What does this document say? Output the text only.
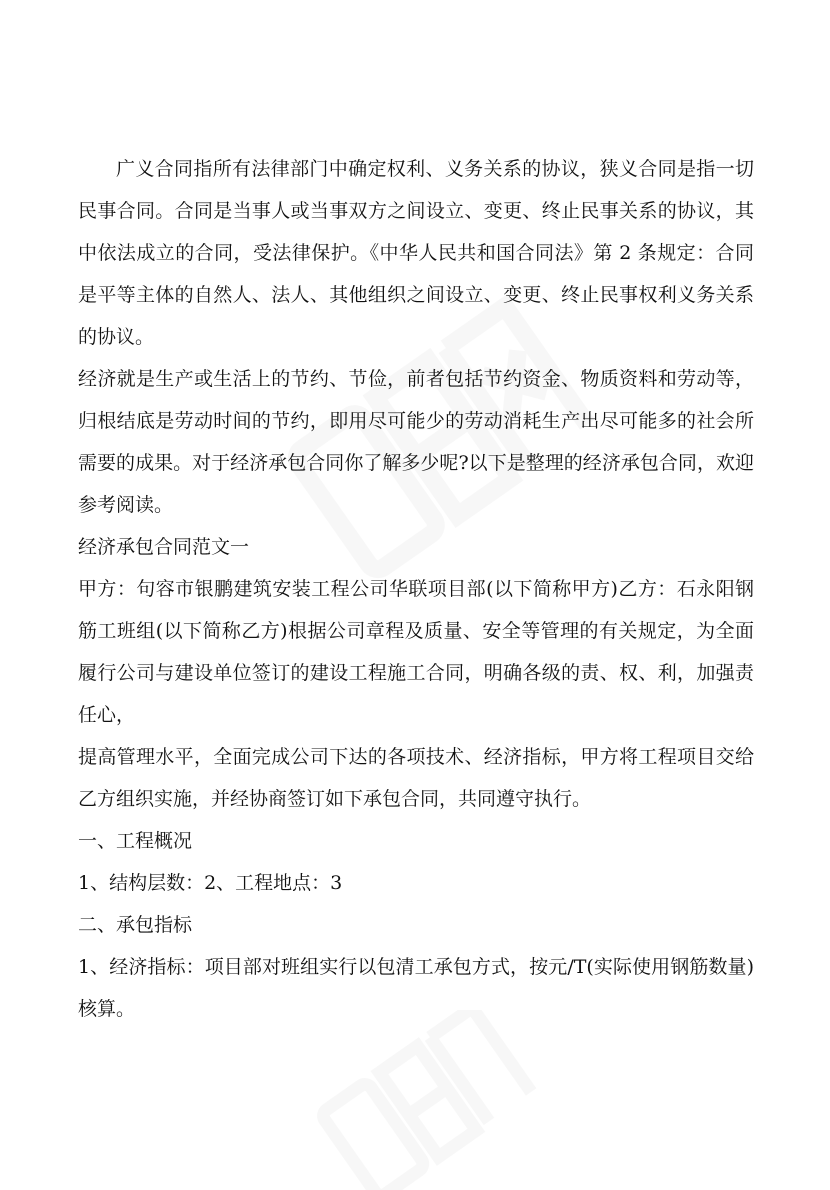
广义合同指所有法律部门中确定权利、义务关系的协议，狭义合同是指一切民事合同。合同是当事人或当事双方之间设立、变更、终止民事关系的协议，其中依法成立的合同，受法律保护。《中华人民共和国合同法》第 2 条规定：合同是平等主体的自然人、法人、其他组织之间设立、变更、终止民事权利义务关系的协议。

经济就是生产或生活上的节约、节俭，前者包括节约资金、物质资料和劳动等，归根结底是劳动时间的节约，即用尽可能少的劳动消耗生产出尽可能多的社会所需要的成果。对于经济承包合同你了解多少呢?以下是整理的经济承包合同，欢迎参考阅读。

经济承包合同范文一

甲方：句容市银鹏建筑安装工程公司华联项目部(以下简称甲方)乙方：石永阳钢筋工班组(以下简称乙方)根据公司章程及质量、安全等管理的有关规定，为全面履行公司与建设单位签订的建设工程施工合同，明确各级的责、权、利，加强责任心，

提高管理水平，全面完成公司下达的各项技术、经济指标，甲方将工程项目交给乙方组织实施，并经协商签订如下承包合同，共同遵守执行。

一、工程概况

1、结构层数：2、工程地点：3

二、承包指标

1、经济指标：项目部对班组实行以包清工承包方式，按元/T(实际使用钢筋数量)核算。
